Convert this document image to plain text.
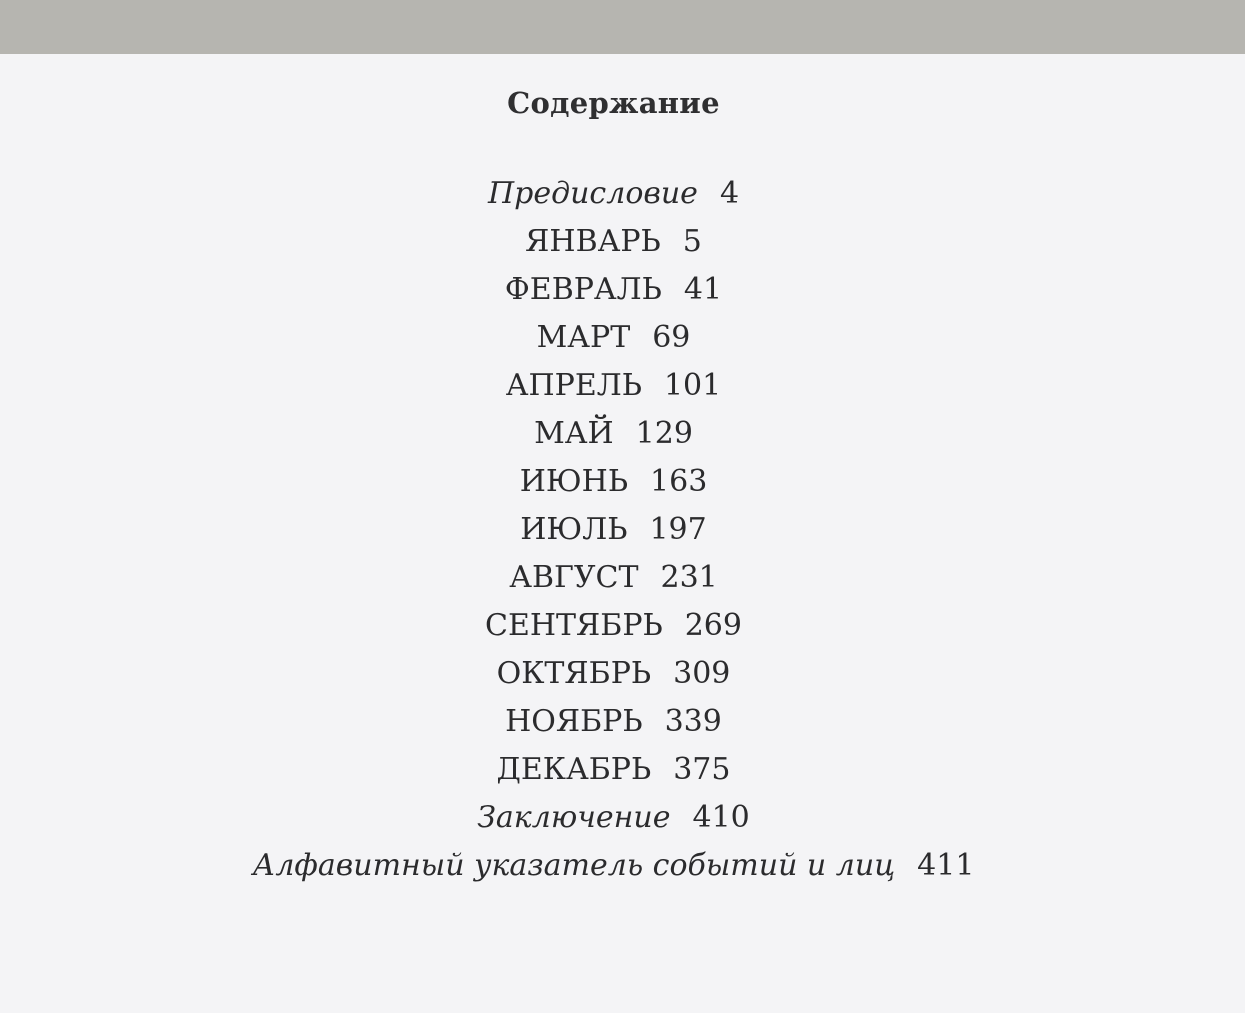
Содержание
Предисловие 4
ЯНВАРЬ 5
ФЕВРАЛЬ 41
МАРТ 69
АПРЕЛЬ 101
МАЙ 129
ИЮНЬ 163
ИЮЛЬ 197
АВГУСТ 231
СЕНТЯБРЬ 269
ОКТЯБРЬ 309
НОЯБРЬ 339
ДЕКАБРЬ 375
Заключение 410
Алфавитный указатель событий и лиц 411
